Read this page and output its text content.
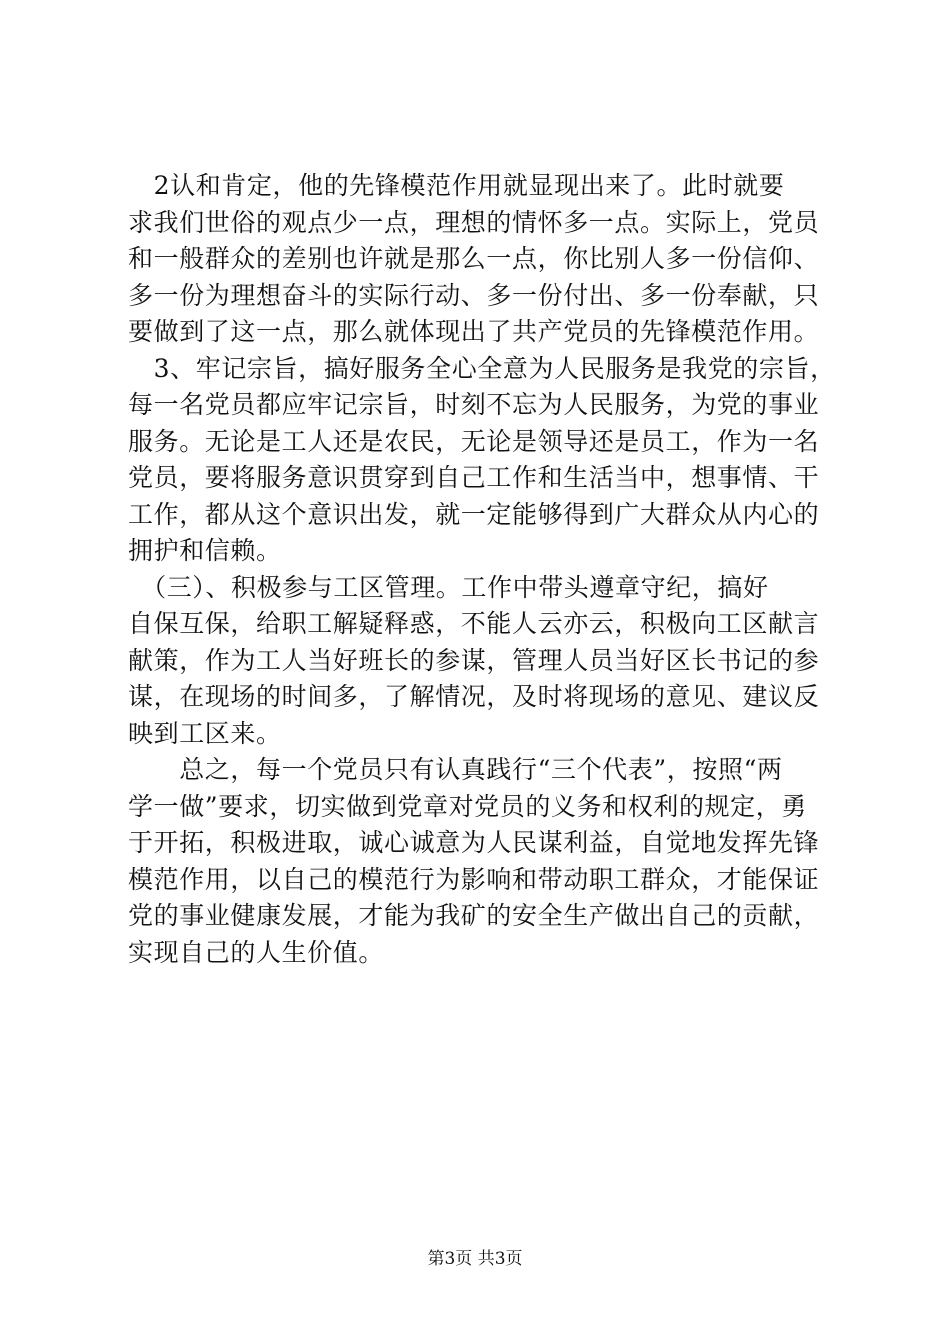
　2认和肯定，他的先锋模范作用就显现出来了。此时就要
求我们世俗的观点少一点，理想的情怀多一点。实际上，党员
和一般群众的差别也许就是那么一点，你比别人多一份信仰、
多一份为理想奋斗的实际行动、多一份付出、多一份奉献，只
要做到了这一点，那么就体现出了共产党员的先锋模范作用。
　3、牢记宗旨，搞好服务全心全意为人民服务是我党的宗旨，
每一名党员都应牢记宗旨，时刻不忘为人民服务，为党的事业
服务。无论是工人还是农民，无论是领导还是员工，作为一名
党员，要将服务意识贯穿到自己工作和生活当中，想事情、干
工作，都从这个意识出发，就一定能够得到广大群众从内心的
拥护和信赖。
　（三）、积极参与工区管理。工作中带头遵章守纪，搞好
自保互保，给职工解疑释惑，不能人云亦云，积极向工区献言
献策，作为工人当好班长的参谋，管理人员当好区长书记的参
谋，在现场的时间多，了解情况，及时将现场的意见、建议反
映到工区来。
　　总之，每一个党员只有认真践行“三个代表”，按照“两
学一做”要求，切实做到党章对党员的义务和权利的规定，勇
于开拓，积极进取，诚心诚意为人民谋利益，自觉地发挥先锋
模范作用，以自己的模范行为影响和带动职工群众，才能保证
党的事业健康发展，才能为我矿的安全生产做出自己的贡献，
实现自己的人生价值。
第3页 共3页
